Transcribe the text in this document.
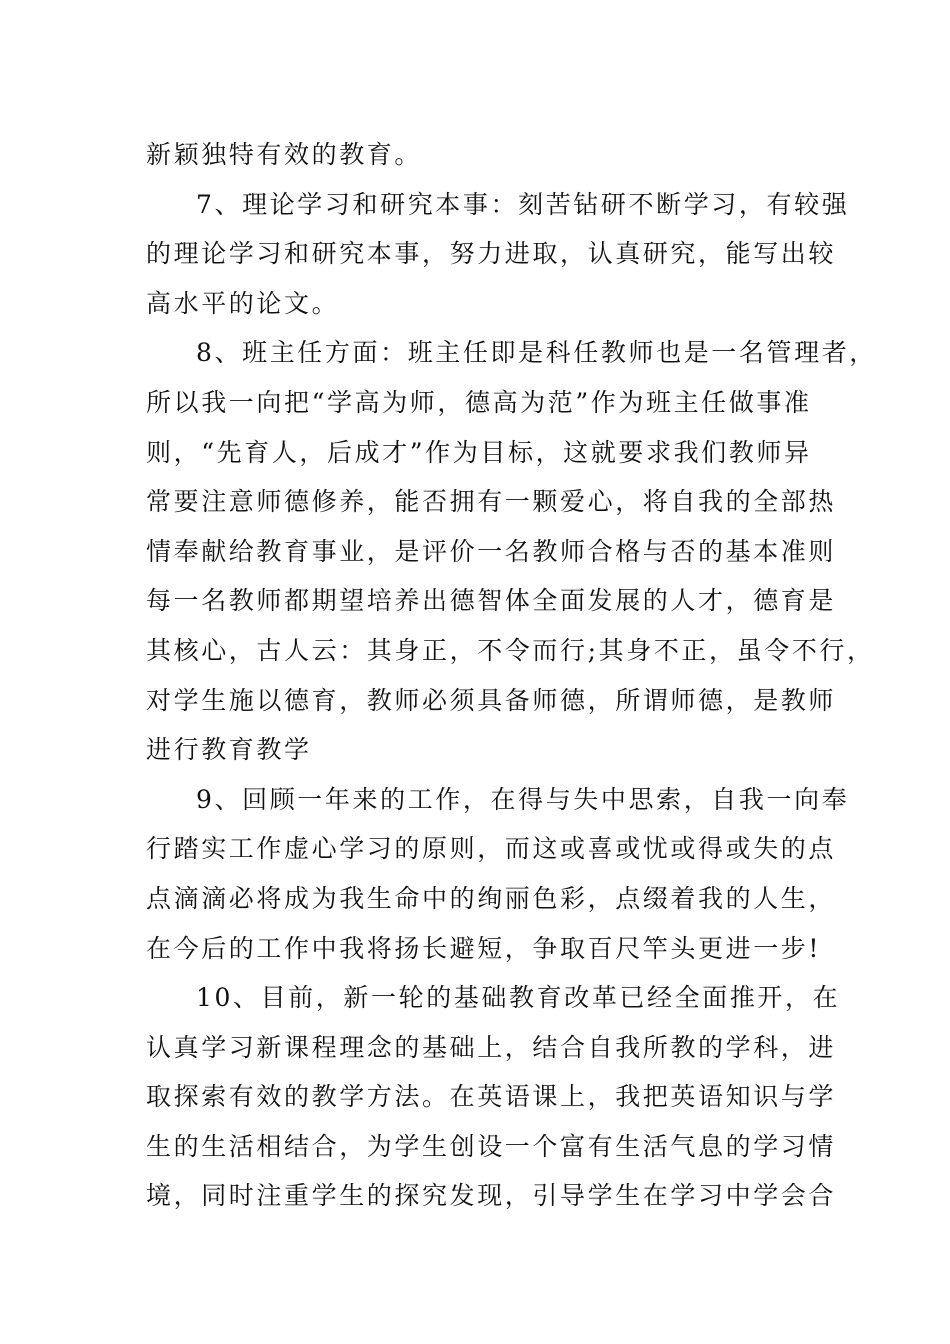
新颖独特有效的教育。
7、理论学习和研究本事：刻苦钻研不断学习，有较强
的理论学习和研究本事，努力进取，认真研究，能写出较
高水平的论文。
8、班主任方面：班主任即是科任教师也是一名管理者，
所以我一向把“学高为师，德高为范”作为班主任做事准
则，“先育人，后成才”作为目标，这就要求我们教师异
常要注意师德修养，能否拥有一颗爱心，将自我的全部热
情奉献给教育事业，是评价一名教师合格与否的基本准则
每一名教师都期望培养出德智体全面发展的人才，德育是
其核心，古人云：其身正，不令而行;其身不正，虽令不行，
对学生施以德育，教师必须具备师德，所谓师德，是教师
进行教育教学
9、回顾一年来的工作，在得与失中思索，自我一向奉
行踏实工作虚心学习的原则，而这或喜或忧或得或失的点
点滴滴必将成为我生命中的绚丽色彩，点缀着我的人生，
在今后的工作中我将扬长避短，争取百尺竿头更进一步!
10、目前，新一轮的基础教育改革已经全面推开，在
认真学习新课程理念的基础上，结合自我所教的学科，进
取探索有效的教学方法。在英语课上，我把英语知识与学
生的生活相结合，为学生创设一个富有生活气息的学习情
境，同时注重学生的探究发现，引导学生在学习中学会合
